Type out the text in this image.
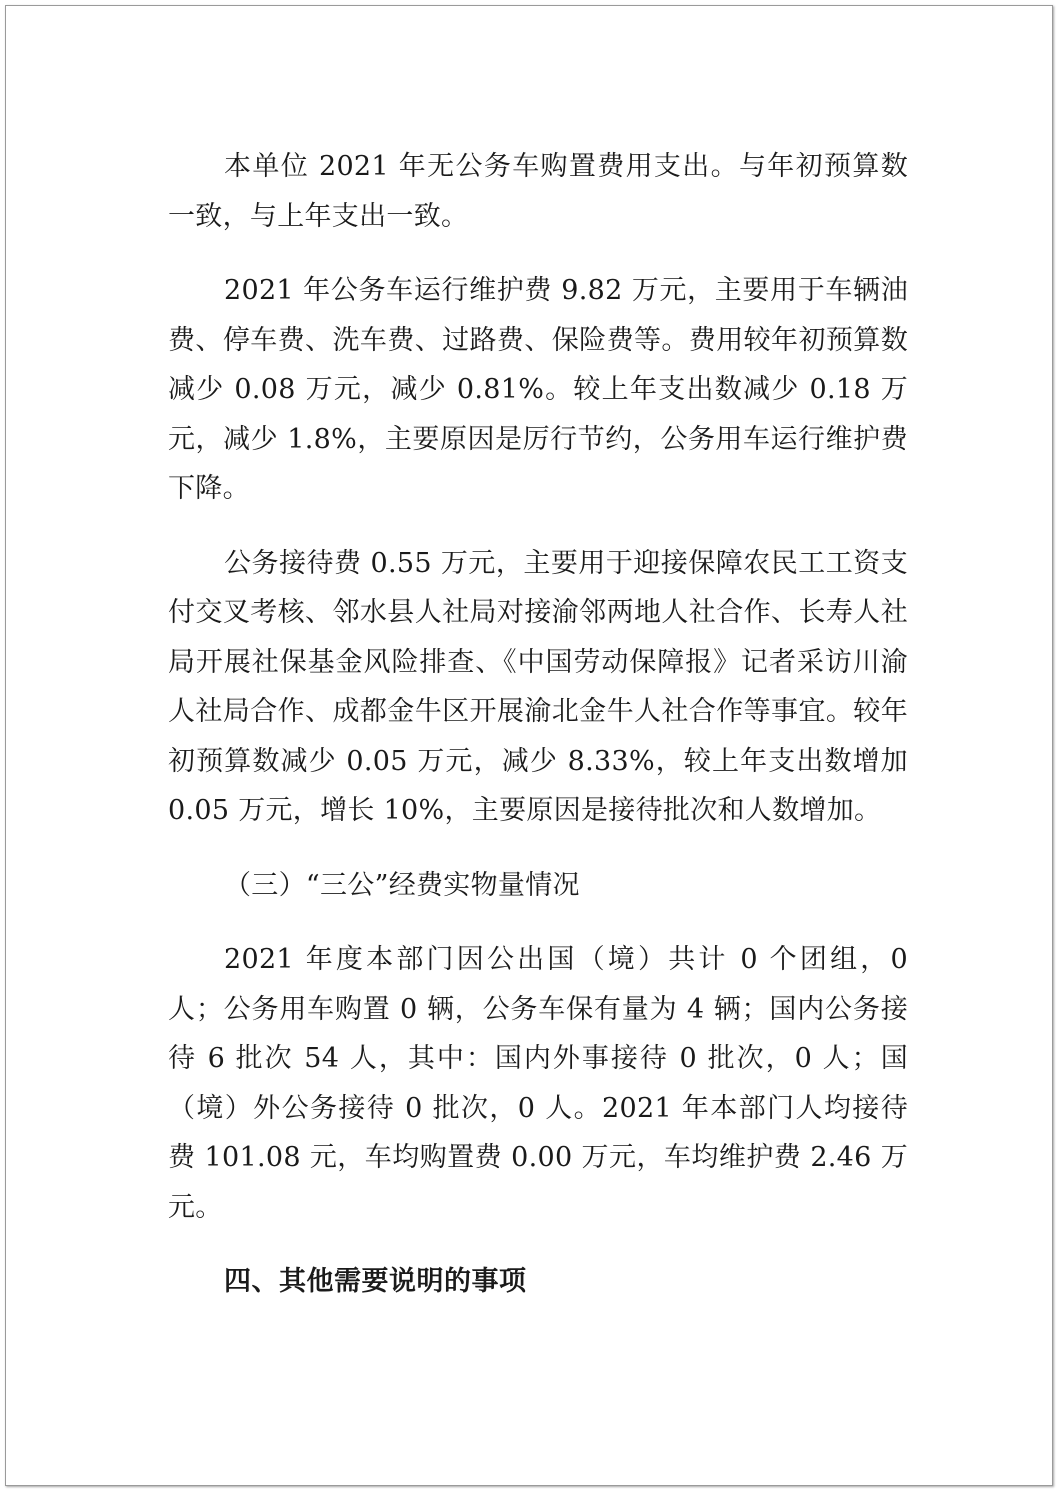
本单位 2021 年无公务车购置费用支出。与年初预算数一致，与上年支出一致。

2021 年公务车运行维护费 9.82 万元，主要用于车辆油费、停车费、洗车费、过路费、保险费等。费用较年初预算数减少 0.08 万元，减少 0.81%。较上年支出数减少 0.18 万元，减少 1.8%，主要原因是厉行节约，公务用车运行维护费下降。

公务接待费 0.55 万元，主要用于迎接保障农民工工资支付交叉考核、邻水县人社局对接渝邻两地人社合作、长寿人社局开展社保基金风险排查、《中国劳动保障报》记者采访川渝人社局合作、成都金牛区开展渝北金牛人社合作等事宜。较年初预算数减少 0.05 万元，减少 8.33%，较上年支出数增加 0.05 万元，增长 10%，主要原因是接待批次和人数增加。

（三）“三公”经费实物量情况

2021 年度本部门因公出国（境）共计 0 个团组，0 人；公务用车购置 0 辆，公务车保有量为 4 辆；国内公务接待 6 批次 54 人，其中：国内外事接待 0 批次，0 人；国（境）外公务接待 0 批次，0 人。2021 年本部门人均接待费 101.08 元，车均购置费 0.00 万元，车均维护费 2.46 万元。

四、其他需要说明的事项
